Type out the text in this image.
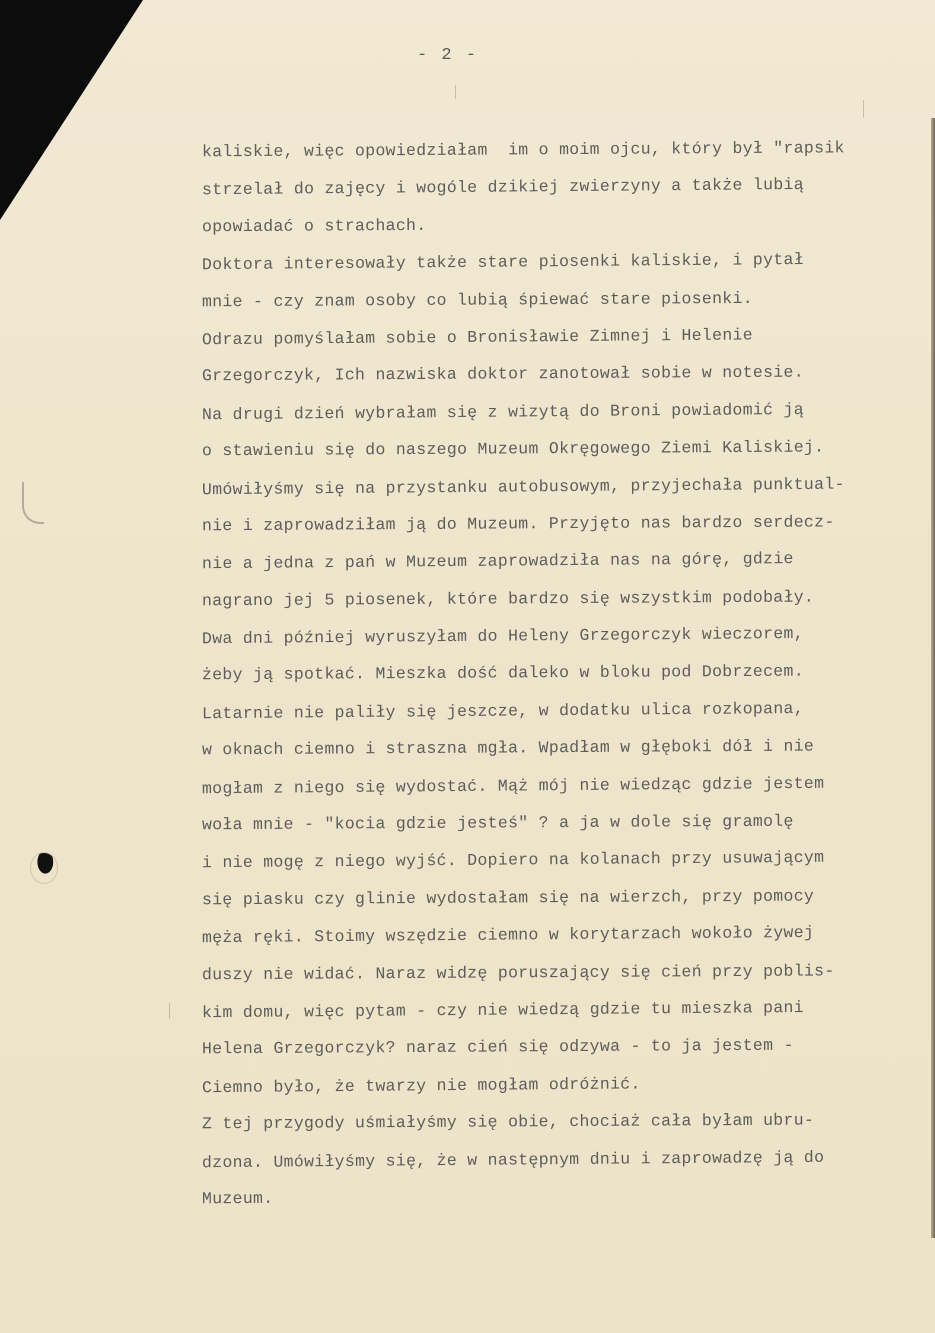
- 2 -
kaliskie, więc opowiedziałam  im o moim ojcu, który był "rapsik
strzelał do zajęcy i wogóle dzikiej zwierzyny a także lubią
opowiadać o strachach.
Doktora interesowały także stare piosenki kaliskie, i pytał
mnie - czy znam osoby co lubią śpiewać stare piosenki.
Odrazu pomyślałam sobie o Bronisławie Zimnej i Helenie
Grzegorczyk, Ich nazwiska doktor zanotował sobie w notesie.
Na drugi dzień wybrałam się z wizytą do Broni powiadomić ją
o stawieniu się do naszego Muzeum Okręgowego Ziemi Kaliskiej.
Umówiłyśmy się na przystanku autobusowym, przyjechała punktual-
nie i zaprowadziłam ją do Muzeum. Przyjęto nas bardzo serdecz-
nie a jedna z pań w Muzeum zaprowadziła nas na górę, gdzie
nagrano jej 5 piosenek, które bardzo się wszystkim podobały.
Dwa dni później wyruszyłam do Heleny Grzegorczyk wieczorem,
żeby ją spotkać. Mieszka dość daleko w bloku pod Dobrzecem.
Latarnie nie paliły się jeszcze, w dodatku ulica rozkopana,
w oknach ciemno i straszna mgła. Wpadłam w głęboki dół i nie
mogłam z niego się wydostać. Mąż mój nie wiedząc gdzie jestem
woła mnie - "kocia gdzie jesteś" ? a ja w dole się gramolę
i nie mogę z niego wyjść. Dopiero na kolanach przy usuwającym
się piasku czy glinie wydostałam się na wierzch, przy pomocy
męża ręki. Stoimy wszędzie ciemno w korytarzach wokoło żywej
duszy nie widać. Naraz widzę poruszający się cień przy poblis-
kim domu, więc pytam - czy nie wiedzą gdzie tu mieszka pani
Helena Grzegorczyk? naraz cień się odzywa - to ja jestem -
Ciemno było, że twarzy nie mogłam odróżnić.
Z tej przygody uśmiałyśmy się obie, chociaż cała byłam ubru-
dzona. Umówiłyśmy się, że w następnym dniu i zaprowadzę ją do
Muzeum.
